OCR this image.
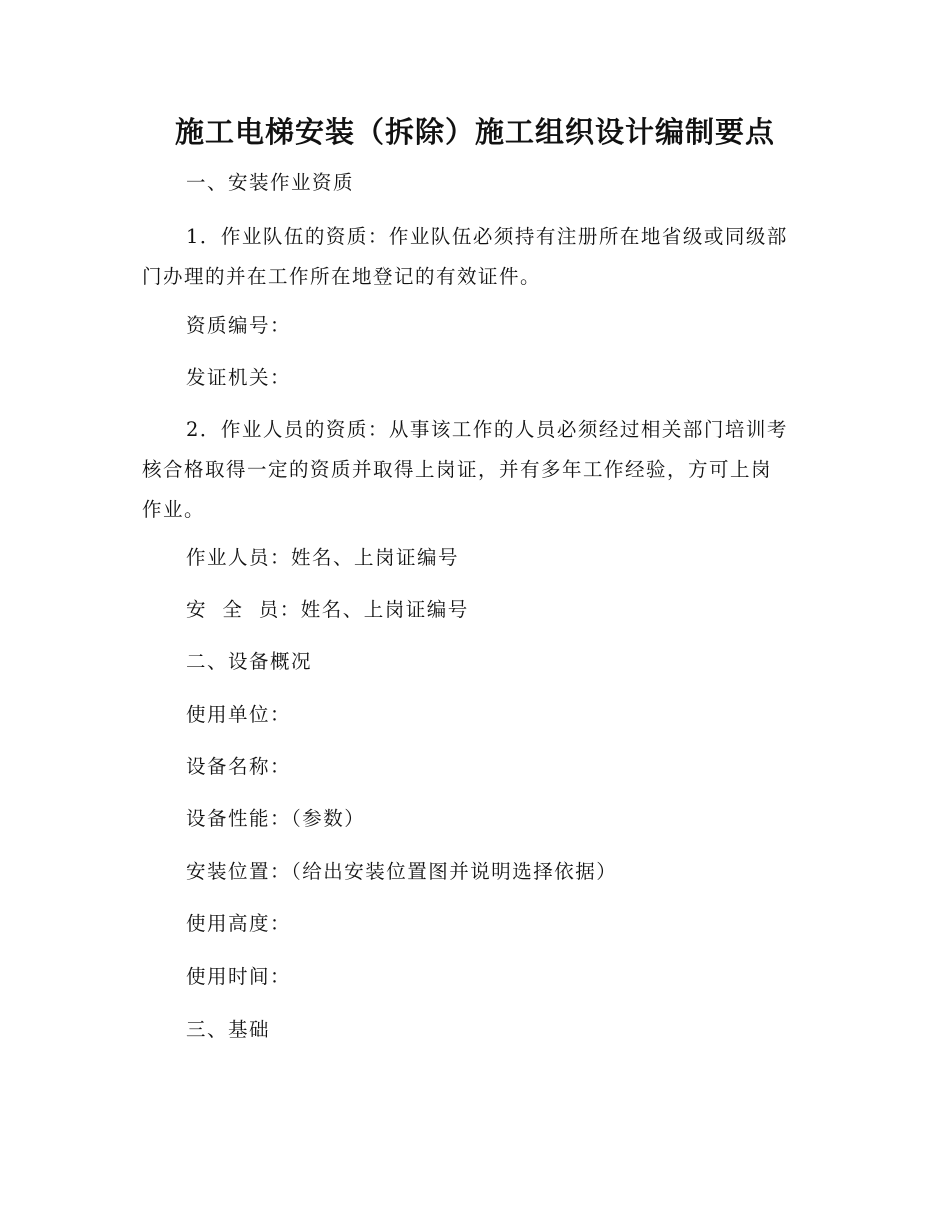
施工电梯安装（拆除）施工组织设计编制要点
一、安装作业资质
1．作业队伍的资质：作业队伍必须持有注册所在地省级或同级部
门办理的并在工作所在地登记的有效证件。
资质编号：
发证机关：
2．作业人员的资质：从事该工作的人员必须经过相关部门培训考
核合格取得一定的资质并取得上岗证，并有多年工作经验，方可上岗
作业。
作业人员：姓名、上岗证编号
安  全  员：姓名、上岗证编号
二、设备概况
使用单位：
设备名称：
设备性能：（参数）
安装位置：（给出安装位置图并说明选择依据）
使用高度：
使用时间：
三、基础
